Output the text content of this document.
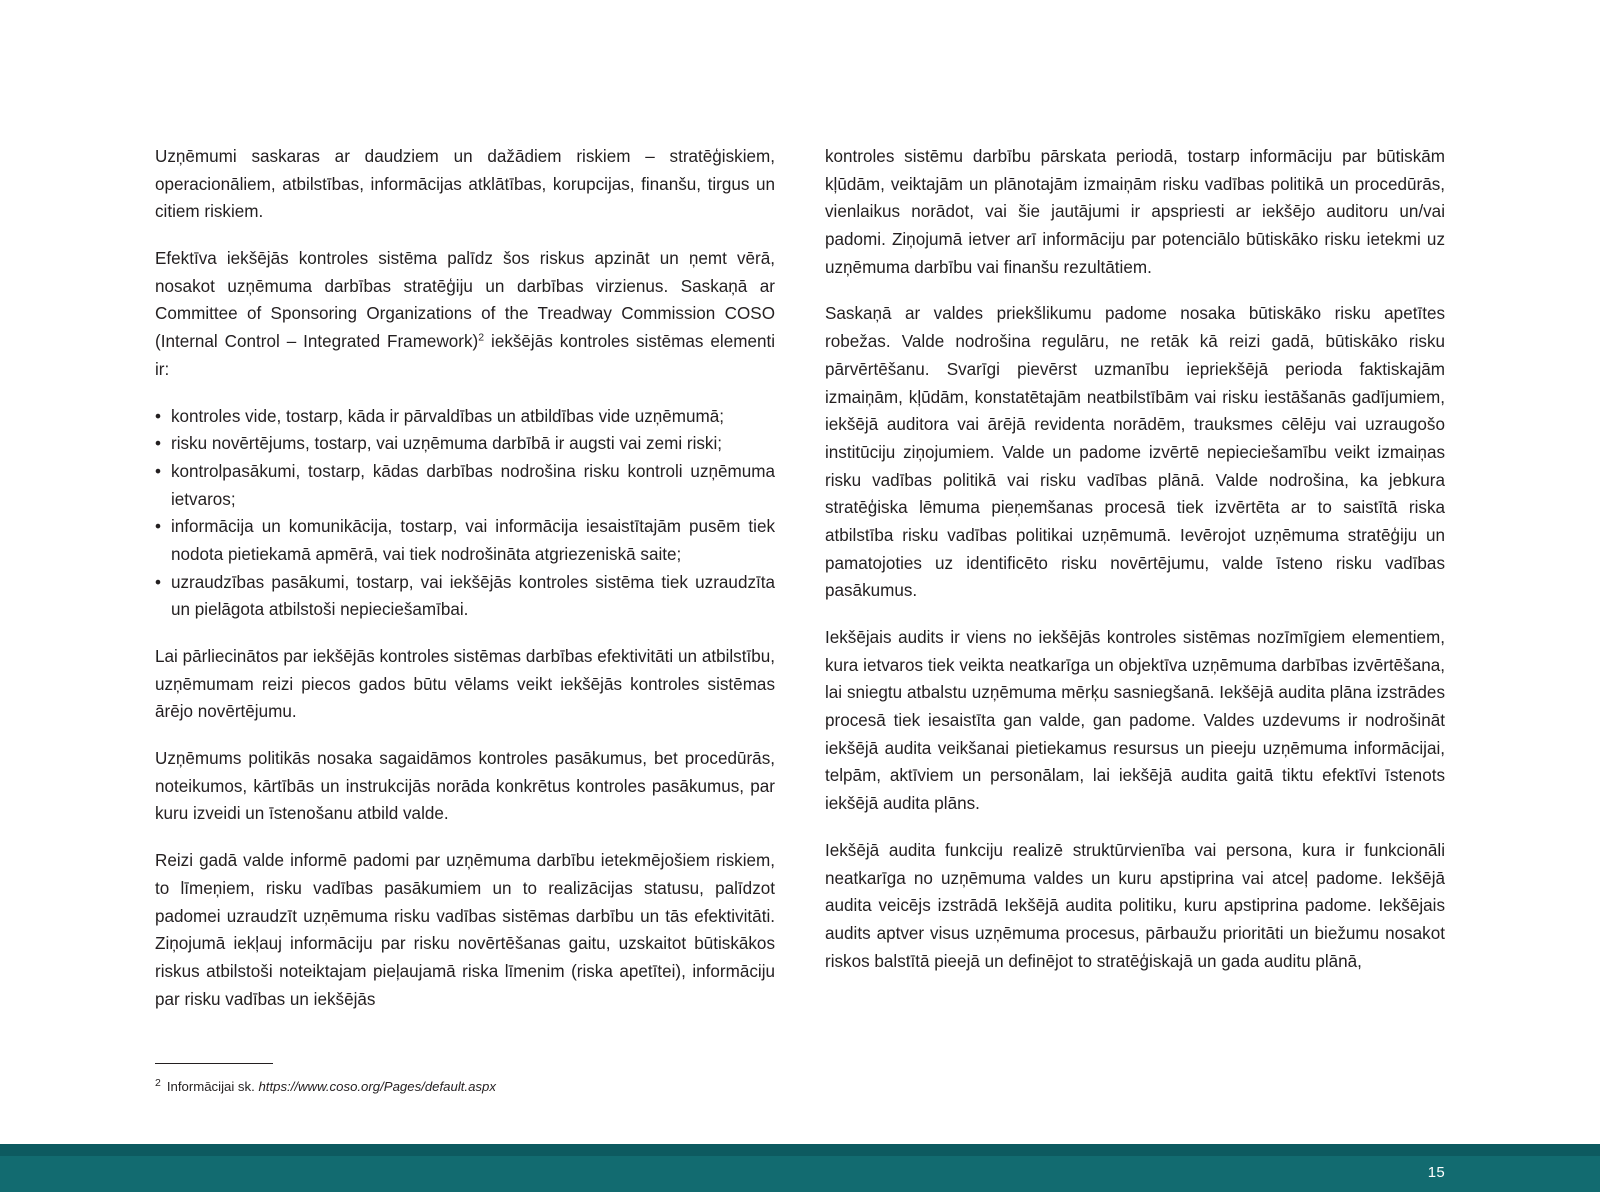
Uzņēmumi saskaras ar daudziem un dažādiem riskiem – stratēģiskiem, operacionāliem, atbilstības, informācijas atklātības, korupcijas, finanšu, tirgus un citiem riskiem.

Efektīva iekšējās kontroles sistēma palīdz šos riskus apzināt un ņemt vērā, nosakot uzņēmuma darbības stratēģiju un darbības virzienus. Saskaņā ar Committee of Sponsoring Organizations of the Treadway Commission COSO (Internal Control – Integrated Framework)$^2$ iekšējās kontroles sistēmas elementi ir:

• kontroles vide, tostarp, kāda ir pārvaldības un atbildības vide uzņēmumā;
• risku novērtējums, tostarp, vai uzņēmuma darbībā ir augsti vai zemi riski;
• kontrolpasākumi, tostarp, kādas darbības nodrošina risku kontroli uzņēmuma ietvaros;
• informācija un komunikācija, tostarp, vai informācija iesaistītajām pusēm tiek nodota pietiekamā apmērā, vai tiek nodrošināta atgriezeniskā saite;
• uzraudzības pasākumi, tostarp, vai iekšējās kontroles sistēma tiek uzraudzīta un pielāgota atbilstoši nepieciešamībai.

Lai pārliecinātos par iekšējās kontroles sistēmas darbības efektivitāti un atbilstību, uzņēmumam reizi piecos gados būtu vēlams veikt iekšējās kontroles sistēmas ārējo novērtējumu.

Uzņēmums politikās nosaka sagaidāmos kontroles pasākumus, bet procedūrās, noteikumos, kārtībās un instrukcijās norāda konkrētus kontroles pasākumus, par kuru izveidi un īstenošanu atbild valde.

Reizi gadā valde informē padomi par uzņēmuma darbību ietekmējošiem riskiem, to līmeņiem, risku vadības pasākumiem un to realizācijas statusu, palīdzot padomei uzraudzīt uzņēmuma risku vadības sistēmas darbību un tās efektivitāti. Ziņojumā iekļauj informāciju par risku novērtēšanas gaitu, uzskaitot būtiskākos riskus atbilstoši noteiktajam pieļaujamā riska līmenim (riska apetītei), informāciju par risku vadības un iekšējās

kontroles sistēmu darbību pārskata periodā, tostarp informāciju par būtiskām kļūdām, veiktajām un plānotajām izmaiņām risku vadības politikā un procedūrās, vienlaikus norādot, vai šie jautājumi ir apspriesti ar iekšējo auditoru un/vai padomi. Ziņojumā ietver arī informāciju par potenciālo būtiskāko risku ietekmi uz uzņēmuma darbību vai finanšu rezultātiem.

Saskaņā ar valdes priekšlikumu padome nosaka būtiskāko risku apetītes robežas. Valde nodrošina regulāru, ne retāk kā reizi gadā, būtiskāko risku pārvērtēšanu. Svarīgi pievērst uzmanību iepriekšējā perioda faktiskajām izmaiņām, kļūdām, konstatētajām neatbilstībām vai risku iestāšanās gadījumiem, iekšējā auditora vai ārējā revidenta norādēm, trauksmes cēlēju vai uzraugošo institūciju ziņojumiem. Valde un padome izvērtē nepieciešamību veikt izmaiņas risku vadības politikā vai risku vadības plānā. Valde nodrošina, ka jebkura stratēģiska lēmuma pieņemšanas procesā tiek izvērtēta ar to saistītā riska atbilstība risku vadības politikai uzņēmumā. Ievērojot uzņēmuma stratēģiju un pamatojoties uz identificēto risku novērtējumu, valde īsteno risku vadības pasākumus.

Iekšējais audits ir viens no iekšējās kontroles sistēmas nozīmīgiem elementiem, kura ietvaros tiek veikta neatkarīga un objektīva uzņēmuma darbības izvērtēšana, lai sniegtu atbalstu uzņēmuma mērķu sasniegšanā. Iekšējā audita plāna izstrādes procesā tiek iesaistīta gan valde, gan padome. Valdes uzdevums ir nodrošināt iekšējā audita veikšanai pietiekamus resursus un pieeju uzņēmuma informācijai, telpām, aktīviem un personālam, lai iekšējā audita gaitā tiktu efektīvi īstenots iekšējā audita plāns.

Iekšējā audita funkciju realizē struktūrvienība vai persona, kura ir funkcionāli neatkarīga no uzņēmuma valdes un kuru apstiprina vai atceļ padome. Iekšējā audita veicējs izstrādā Iekšējā audita politiku, kuru apstiprina padome. Iekšējais audits aptver visus uzņēmuma procesus, pārbaužu prioritāti un biežumu nosakot riskos balstītā pieejā un definējot to stratēģiskajā un gada auditu plānā,

$^2$ Informācijai sk. https://www.coso.org/Pages/default.aspx
15
